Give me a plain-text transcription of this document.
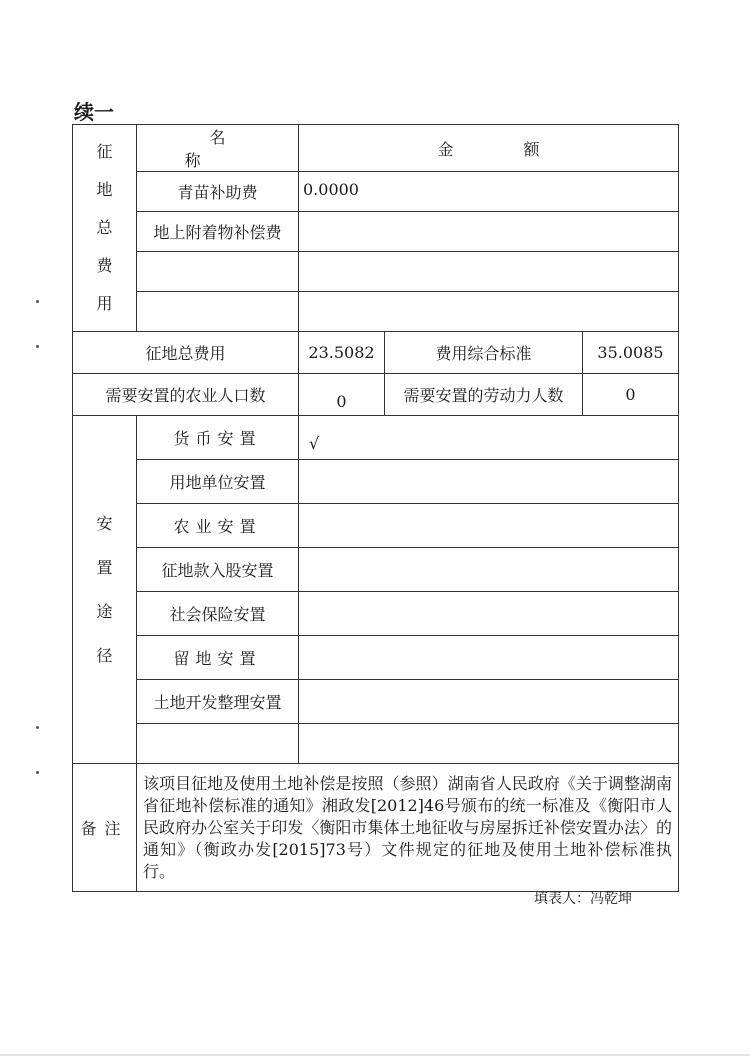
续一
征
地
总
费
用	名称	金额		
	青苗补助费	0.0000		
	地上附着物补偿费			

征地总费用		23.5082	费用综合标准	35.0085
需要安置的农业人口数		0	需要安置的劳动力人数	0

安
置
途
径	货币安置	√		
	用地单位安置			
	农业安置			
	征地款入股安置			
	社会保险安置			
	留地安置			
	土地开发整理安置			

备注	该项目征地及使用土地补偿是按照（参照）湖南省人民政府《关于调整湖南省征地补偿标准的通知》湘政发[2012]46号颁布的统一标准及《衡阳市人民政府办公室关于印发〈衡阳市集体土地征收与房屋拆迁补偿安置办法〉的通知》（衡政办发[2015]73号）文件规定的征地及使用土地补偿标准执行。			
填表人：冯乾坤
